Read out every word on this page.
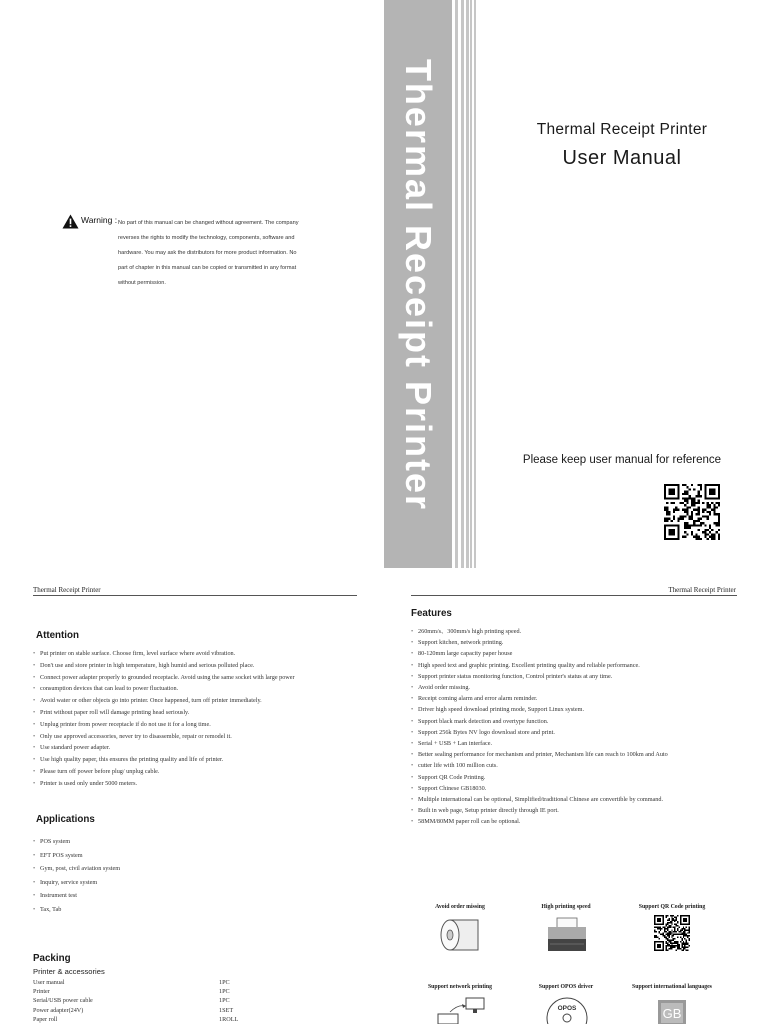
Thermal Receipt Printer
Warning : No part of this manual can be changed without agreement. The company
reverses the rights to modify the technology, components, software and
hardware. You may ask the distributors for more product information. No
part of chapter in this manual can be copied or transmitted in any format
without permission.
Thermal Receipt Printer
User Manual
Please keep user manual for reference
Thermal Receipt Printer
Attention
• Put printer on stable surface. Choose firm, level surface where avoid vibration.
• Don't use and store printer in high temperature, high humid and serious polluted place.
• Connect power adapter properly to grounded receptacle. Avoid using the same socket with large power
• consumption devices that can lead to power fluctuation.
• Avoid water or other objects go into printer. Once happened, turn off printer immediately.
• Print without paper roll will damage printing head seriously.
• Unplug printer from power receptacle if do not use it for a long time.
• Only use approved accessories, never try to disassemble, repair or remodel it.
• Use standard power adapter.
• Use high quality paper, this ensures the printing quality and life of printer.
• Please turn off power before plug/ unplug cable.
• Printer is used only under 5000 meters.
Applications
• POS system
• EFT POS system
• Gym, post, civil aviation system
• Inquiry, service system
• Instrument test
• Tax, Tab
Packing
Printer & accessories
User manual	1PC
Printer	1PC
Serial/USB power cable	1PC
Power adapter(24V)	1SET
Paper roll	1ROLL
Thermal Receipt Printer
Features
• 260mm/s、300mm/s high printing speed.
• Support kitchen, network printing.
• 80-120mm large capacity paper house
• High speed text and graphic printing. Excellent printing quality and reliable performance.
• Support printer status monitoring function, Control printer's status at any time.
• Avoid order missing.
• Receipt coming alarm and error alarm reminder.
• Driver high speed download printing mode, Support Linux system.
• Support black mark detection and overtype function.
• Support 256k Bytes NV logo download store and print.
• Serial + USB + Lan interface.
• Better sealing performance for mechanism and printer, Mechanism life can reach to 100km and Auto
• cutter life with 100 million cuts.
• Support QR Code Printing.
• Support Chinese GB18030.
• Multiple international can be optional, Simplified/traditional Chinese are convertible by command.
• Built in web page, Setup printer directly through IE port.
• 58MM/80MM paper roll can be optional.
Avoid order missing	High printing speed	Support QR Code printing
Support network printing	Support OPOS driver
OPOS
Support international languages
GB
